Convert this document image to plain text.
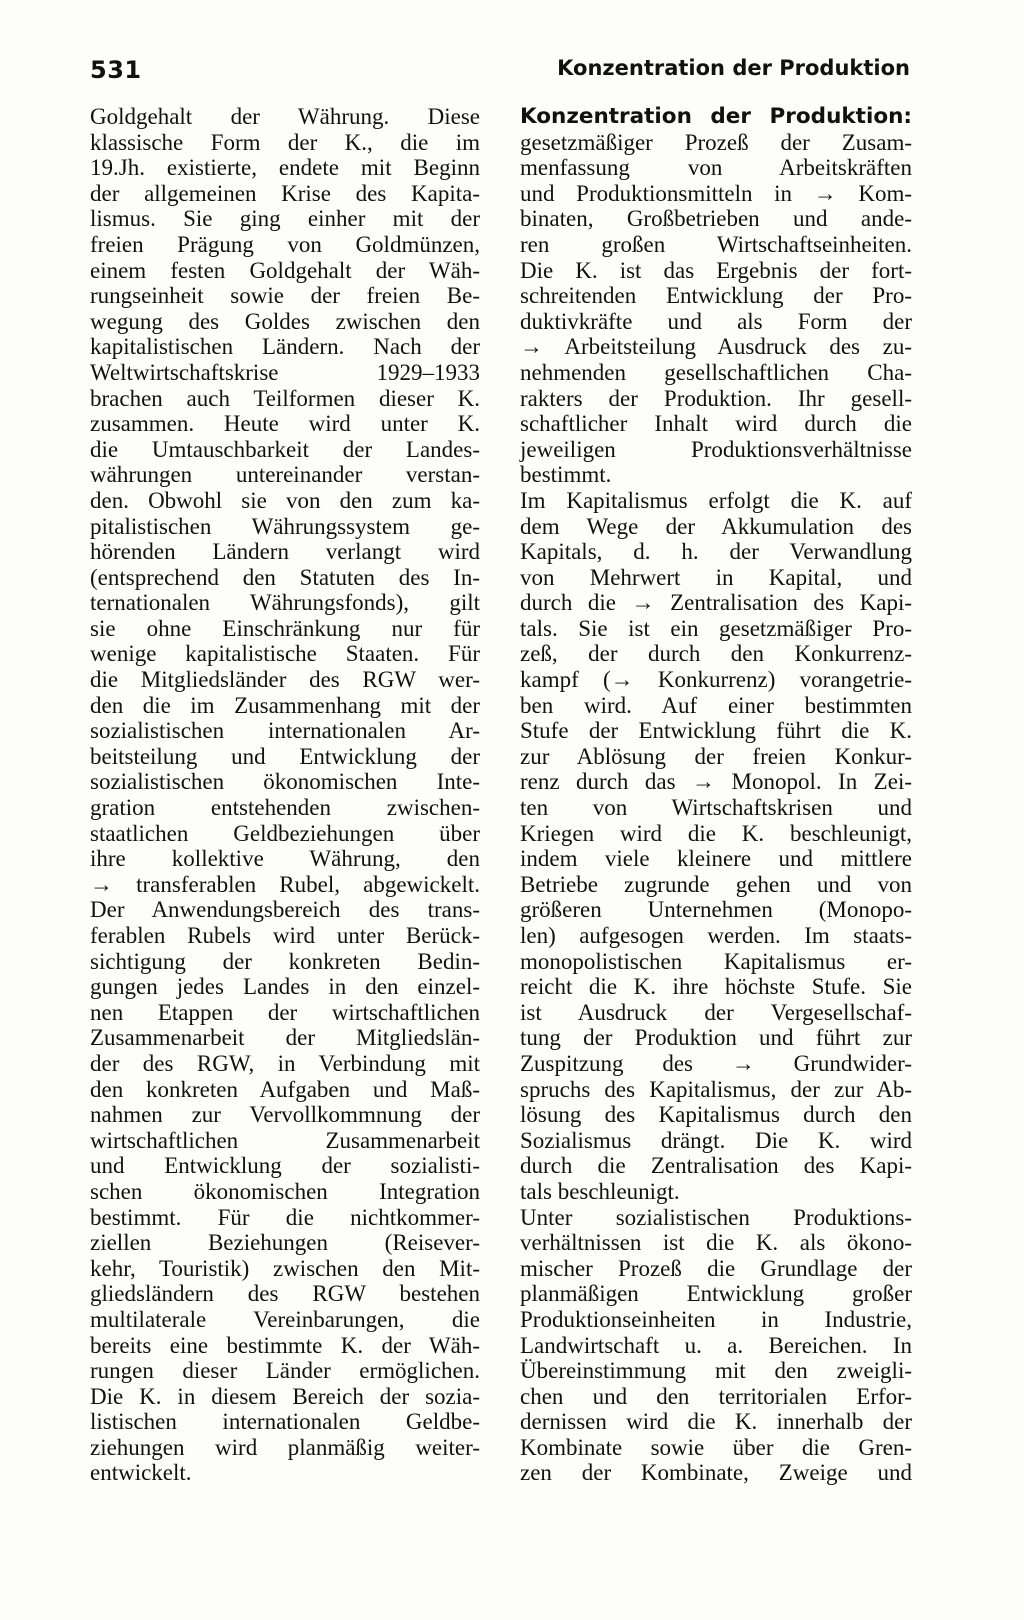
531	Konzentration der Produktion
Goldgehalt der Währung. Diese
klassische Form der K., die im
19.Jh. existierte, endete mit Beginn
der allgemeinen Krise des Kapita-
lismus. Sie ging einher mit der
freien Prägung von Goldmünzen,
einem festen Goldgehalt der Wäh-
rungseinheit sowie der freien Be-
wegung des Goldes zwischen den
kapitalistischen Ländern. Nach der
Weltwirtschaftskrise 1929–1933
brachen auch Teilformen dieser K.
zusammen. Heute wird unter K.
die Umtauschbarkeit der Landes-
währungen untereinander verstan-
den. Obwohl sie von den zum ka-
pitalistischen Währungssystem ge-
hörenden Ländern verlangt wird
(entsprechend den Statuten des In-
ternationalen Währungsfonds), gilt
sie ohne Einschränkung nur für
wenige kapitalistische Staaten. Für
die Mitgliedsländer des RGW wer-
den die im Zusammenhang mit der
sozialistischen internationalen Ar-
beitsteilung und Entwicklung der
sozialistischen ökonomischen Inte-
gration entstehenden zwischen-
staatlichen Geldbeziehungen über
ihre kollektive Währung, den
→ transferablen Rubel, abgewickelt.
Der Anwendungsbereich des trans-
ferablen Rubels wird unter Berück-
sichtigung der konkreten Bedin-
gungen jedes Landes in den einzel-
nen Etappen der wirtschaftlichen
Zusammenarbeit der Mitgliedslän-
der des RGW, in Verbindung mit
den konkreten Aufgaben und Maß-
nahmen zur Vervollkommnung der
wirtschaftlichen Zusammenarbeit
und Entwicklung der sozialisti-
schen ökonomischen Integration
bestimmt. Für die nichtkommer-
ziellen Beziehungen (Reisever-
kehr, Touristik) zwischen den Mit-
gliedsländern des RGW bestehen
multilaterale Vereinbarungen, die
bereits eine bestimmte K. der Wäh-
rungen dieser Länder ermöglichen.
Die K. in diesem Bereich der sozia-
listischen internationalen Geldbe-
ziehungen wird planmäßig weiter-
entwickelt.
Konzentration der Produktion:
gesetzmäßiger Prozeß der Zusam-
menfassung von Arbeitskräften
und Produktionsmitteln in → Kom-
binaten, Großbetrieben und ande-
ren großen Wirtschaftseinheiten.
Die K. ist das Ergebnis der fort-
schreitenden Entwicklung der Pro-
duktivkräfte und als Form der
→ Arbeitsteilung Ausdruck des zu-
nehmenden gesellschaftlichen Cha-
rakters der Produktion. Ihr gesell-
schaftlicher Inhalt wird durch die
jeweiligen Produktionsverhältnisse
bestimmt.
Im Kapitalismus erfolgt die K. auf
dem Wege der Akkumulation des
Kapitals, d. h. der Verwandlung
von Mehrwert in Kapital, und
durch die → Zentralisation des Kapi-
tals. Sie ist ein gesetzmäßiger Pro-
zeß, der durch den Konkurrenz-
kampf (→ Konkurrenz) vorangetrie-
ben wird. Auf einer bestimmten
Stufe der Entwicklung führt die K.
zur Ablösung der freien Konkur-
renz durch das → Monopol. In Zei-
ten von Wirtschaftskrisen und
Kriegen wird die K. beschleunigt,
indem viele kleinere und mittlere
Betriebe zugrunde gehen und von
größeren Unternehmen (Monopo-
len) aufgesogen werden. Im staats-
monopolistischen Kapitalismus er-
reicht die K. ihre höchste Stufe. Sie
ist Ausdruck der Vergesellschaf-
tung der Produktion und führt zur
Zuspitzung des → Grundwider-
spruchs des Kapitalismus, der zur Ab-
lösung des Kapitalismus durch den
Sozialismus drängt. Die K. wird
durch die Zentralisation des Kapi-
tals beschleunigt.
Unter sozialistischen Produktions-
verhältnissen ist die K. als ökono-
mischer Prozeß die Grundlage der
planmäßigen Entwicklung großer
Produktionseinheiten in Industrie,
Landwirtschaft u. a. Bereichen. In
Übereinstimmung mit den zweigli-
chen und den territorialen Erfor-
dernissen wird die K. innerhalb der
Kombinate sowie über die Gren-
zen der Kombinate, Zweige und
